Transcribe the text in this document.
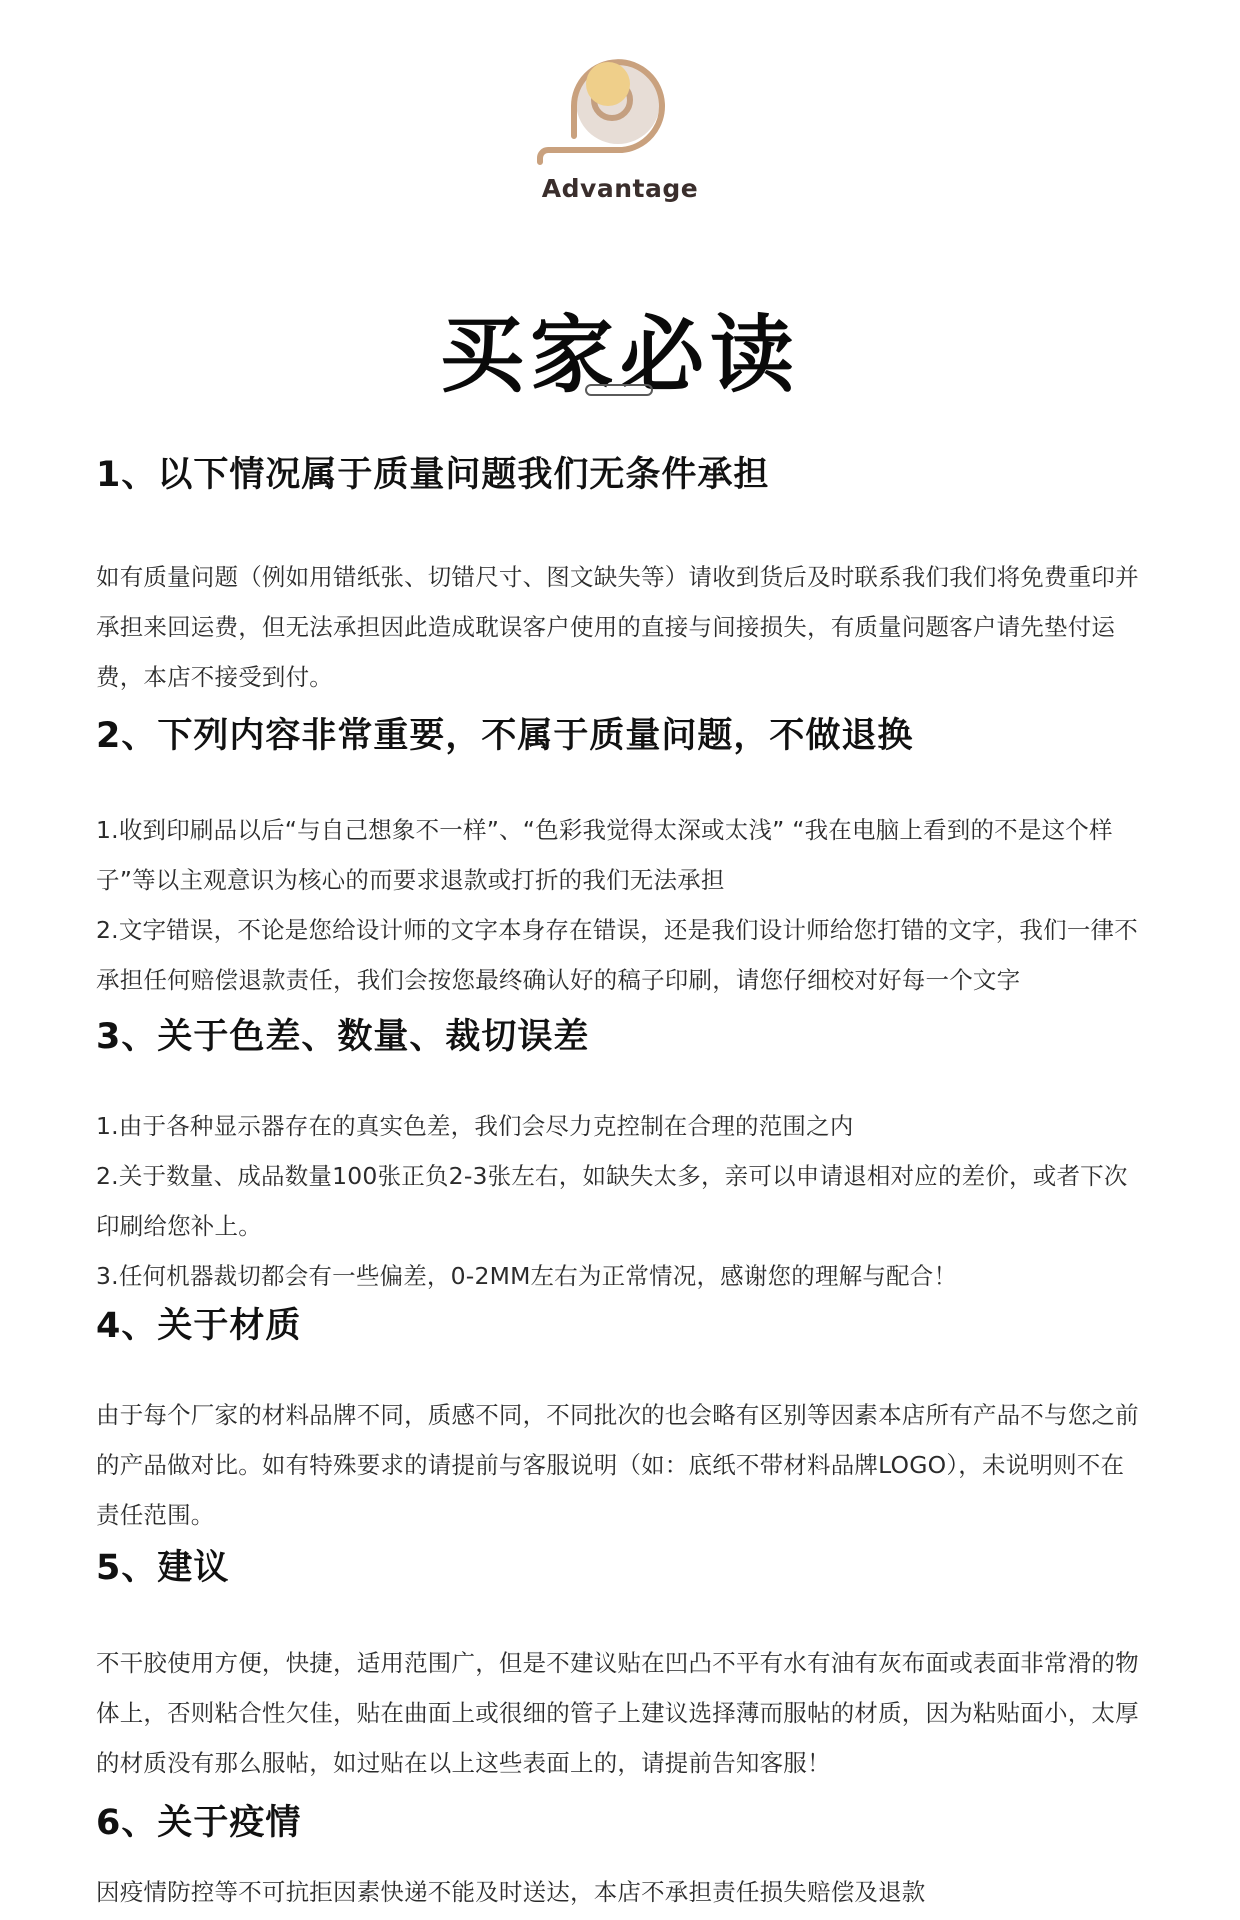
Advantage
买家必读
1、以下情况属于质量问题我们无条件承担

如有质量问题（例如用错纸张、切错尺寸、图文缺失等）请收到货后及时联系我们我们将免费重印并承担来回运费，但无法承担因此造成耽误客户使用的直接与间接损失，有质量问题客户请先垫付运费，本店不接受到付。

2、下列内容非常重要，不属于质量问题，不做退换

1.收到印刷品以后“与自己想象不一样”、“色彩我觉得太深或太浅” “我在电脑上看到的不是这个样子”等以主观意识为核心的而要求退款或打折的我们无法承担

2.文字错误，不论是您给设计师的文字本身存在错误，还是我们设计师给您打错的文字，我们一律不承担任何赔偿退款责任，我们会按您最终确认好的稿子印刷，请您仔细校对好每一个文字

3、关于色差、数量、裁切误差

1.由于各种显示器存在的真实色差，我们会尽力克控制在合理的范围之内

2.关于数量、成品数量100张正负2-3张左右，如缺失太多，亲可以申请退相对应的差价，或者下次印刷给您补上。

3.任何机器裁切都会有一些偏差，0-2MM左右为正常情况，感谢您的理解与配合！

4、关于材质

由于每个厂家的材料品牌不同，质感不同，不同批次的也会略有区别等因素本店所有产品不与您之前的产品做对比。如有特殊要求的请提前与客服说明（如：底纸不带材料品牌LOGO），未说明则不在责任范围。

5、建议

不干胶使用方便，快捷，适用范围广，但是不建议贴在凹凸不平有水有油有灰布面或表面非常滑的物体上，否则粘合性欠佳，贴在曲面上或很细的管子上建议选择薄而服帖的材质，因为粘贴面小，太厚的材质没有那么服帖，如过贴在以上这些表面上的，请提前告知客服！

6、关于疫情

因疫情防控等不可抗拒因素快递不能及时送达，本店不承担责任损失赔偿及退款
